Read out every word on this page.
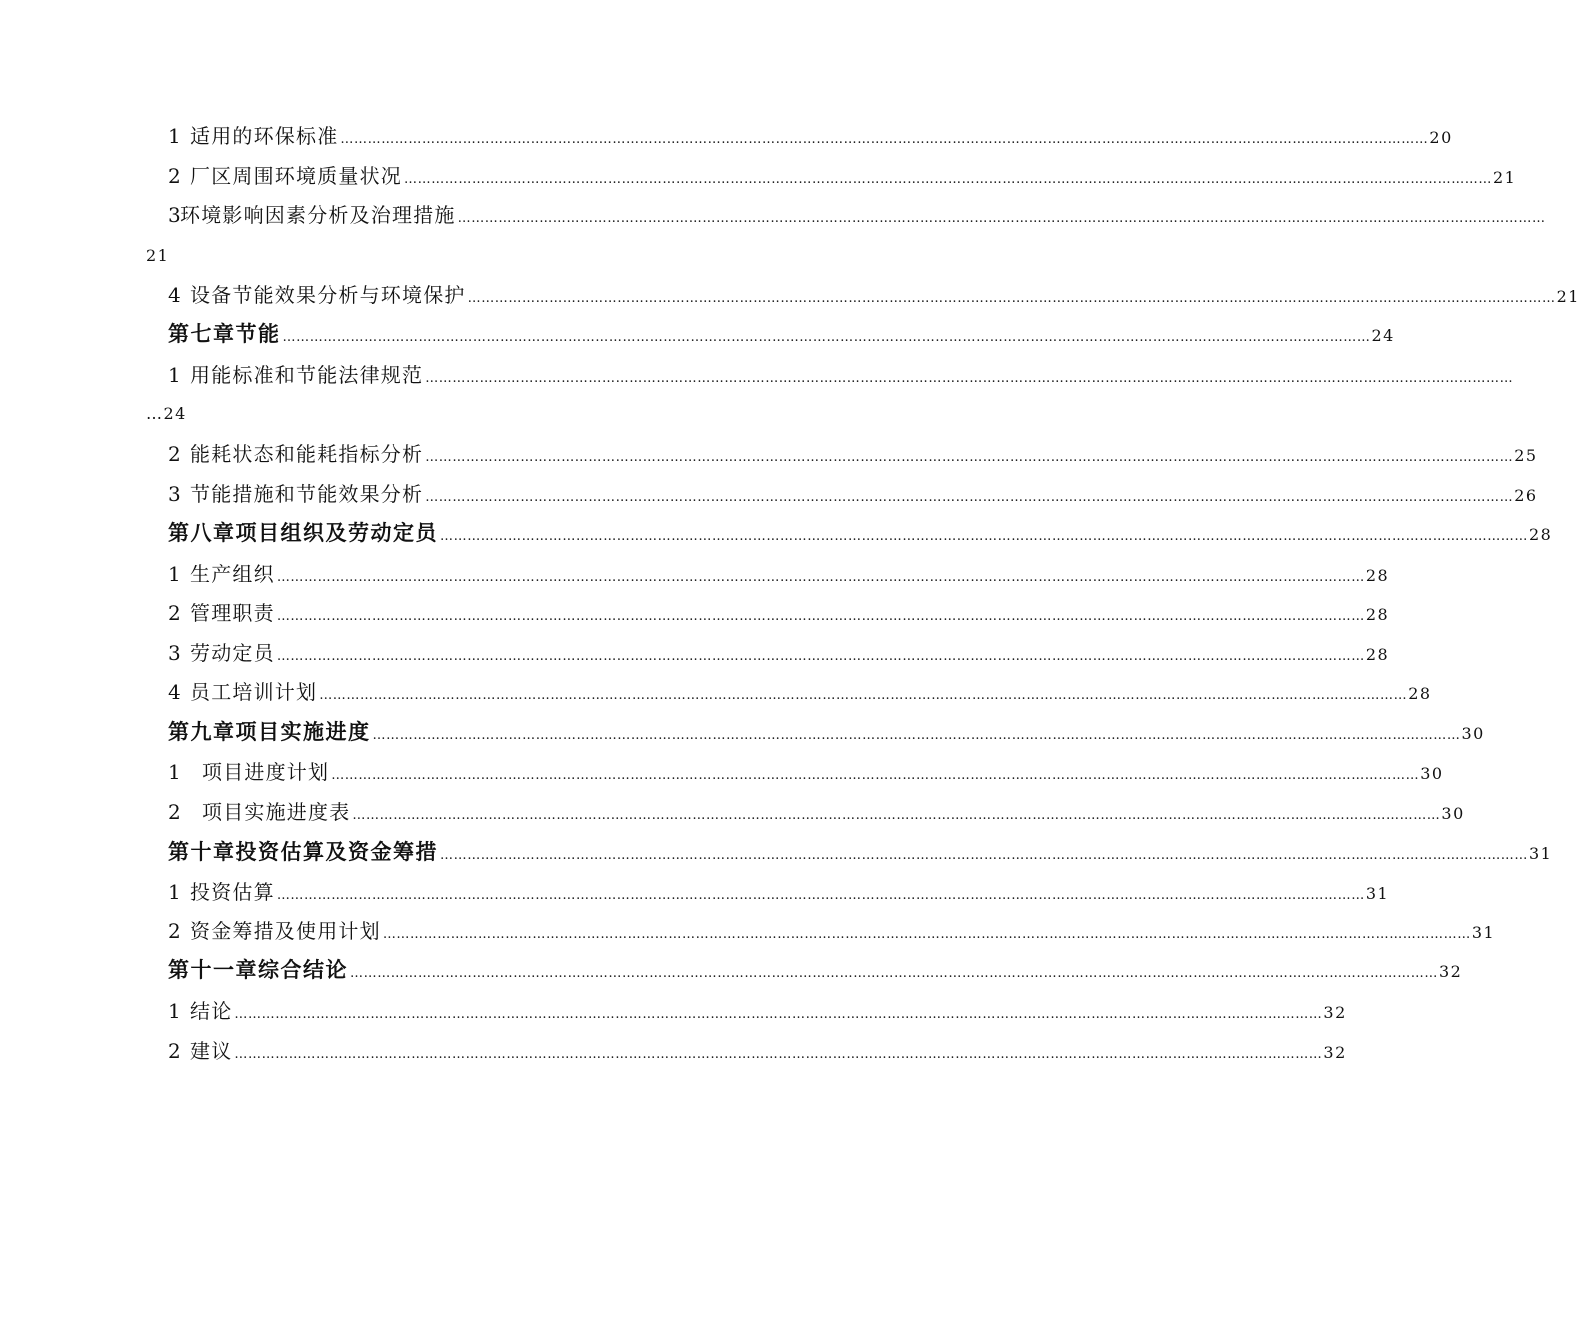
1 适用的环保标准 …………………………………………………………………………………………………………………………………………………………………………………………………………………… 20
2 厂区周围环境质量状况 …………………………………………………………………………………………………………………………………………………………………………………………………………………… 21
3
环境影响因素分析及治理措施 ……………………………………………………………………………………………………………………………………………………………………………………………………………………
21
4 设备节能效果分析与环境保护 …………………………………………………………………………………………………………………………………………………………………………………………………………………… 21
第七章 节能 …………………………………………………………………………………………………………………………………………………………………………………………………………………… 24
1 用能标准和节能法律规范 ……………………………………………………………………………………………………………………………………………………………………………………………………………………
…24
2 能耗状态和能耗指标分析 …………………………………………………………………………………………………………………………………………………………………………………………………………………… 25
3 节能措施和节能效果分析 …………………………………………………………………………………………………………………………………………………………………………………………………………………… 26
第八章 项目组织及劳动定员 …………………………………………………………………………………………………………………………………………………………………………………………………………………… 28
1 生产组织 …………………………………………………………………………………………………………………………………………………………………………………………………………………… 28
2 管理职责 …………………………………………………………………………………………………………………………………………………………………………………………………………………… 28
3 劳动定员 …………………………………………………………………………………………………………………………………………………………………………………………………………………… 28
4 员工培训计划 …………………………………………………………………………………………………………………………………………………………………………………………………………………… 28
第九章 项目实施进度 …………………………………………………………………………………………………………………………………………………………………………………………………………………… 30
1	项目进度计划 …………………………………………………………………………………………………………………………………………………………………………………………………………………… 30
2	项目实施进度表 …………………………………………………………………………………………………………………………………………………………………………………………………………………… 30
第十章 投资估算及资金筹措 …………………………………………………………………………………………………………………………………………………………………………………………………………………… 31
1 投资估算 …………………………………………………………………………………………………………………………………………………………………………………………………………………… 31
2 资金筹措及使用计划 …………………………………………………………………………………………………………………………………………………………………………………………………………………… 31
第十一章 综合结论 …………………………………………………………………………………………………………………………………………………………………………………………………………………… 32
1 结论 …………………………………………………………………………………………………………………………………………………………………………………………………………………… 32
2 建议 …………………………………………………………………………………………………………………………………………………………………………………………………………………… 32
